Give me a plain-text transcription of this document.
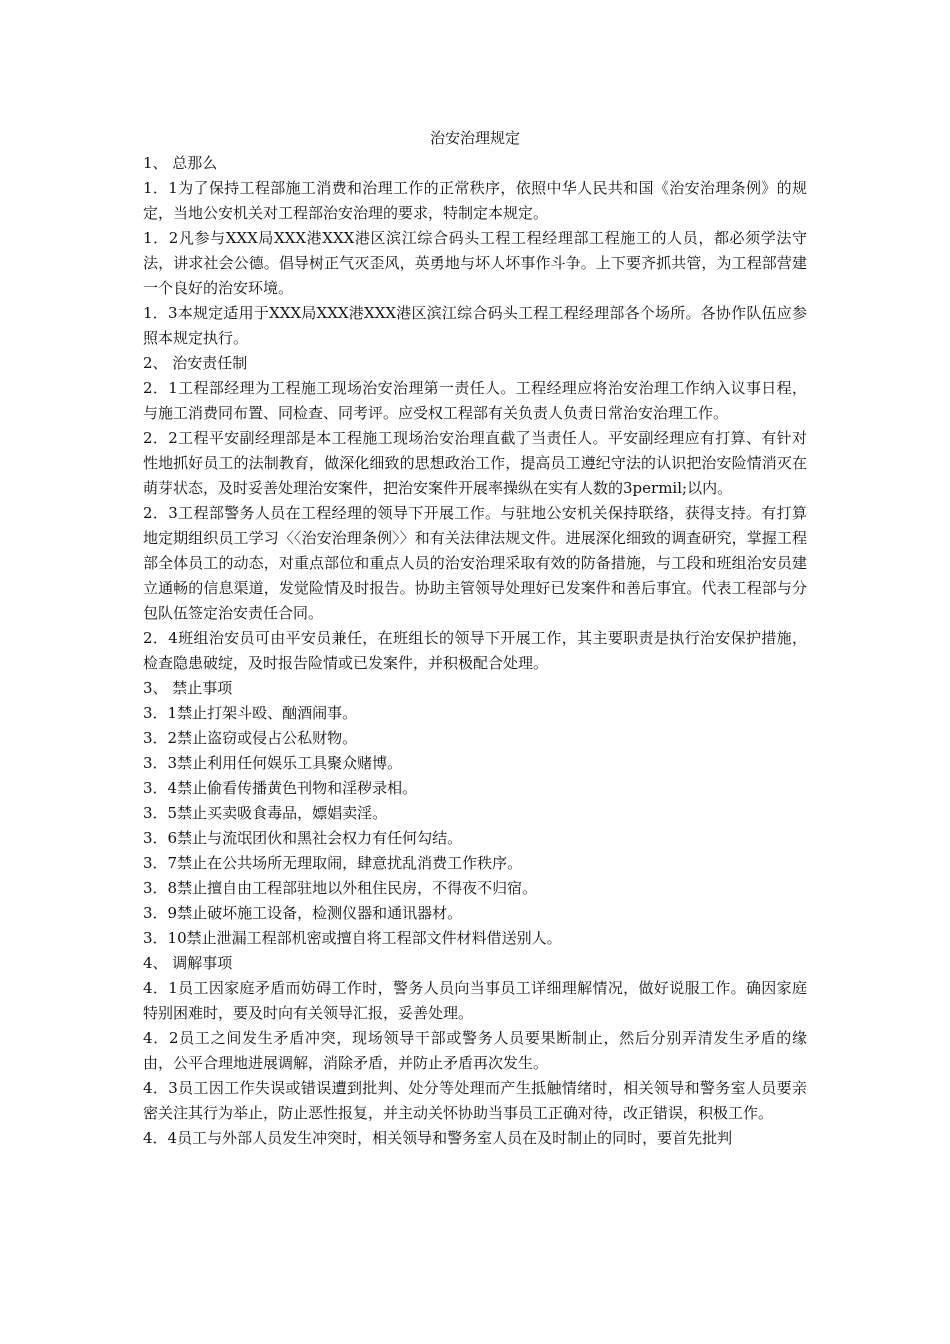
治安治理规定

1、 总那么

1．1为了保持工程部施工消费和治理工作的正常秩序，依照中华人民共和国《治安治理条例》的规定，当地公安机关对工程部治安治理的要求，特制定本规定。

1．2凡参与XXX局XXX港XXX港区滨江综合码头工程工程经理部工程施工的人员，都必须学法守法，讲求社会公德。倡导树正气灭歪风，英勇地与坏人坏事作斗争。上下要齐抓共管，为工程部营建一个良好的治安环境。

1．3本规定适用于XXX局XXX港XXX港区滨江综合码头工程工程经理部各个场所。各协作队伍应参照本规定执行。

2、 治安责任制

2．1工程部经理为工程施工现场治安治理第一责任人。工程经理应将治安治理工作纳入议事日程，与施工消费同布置、同检查、同考评。应受权工程部有关负责人负责日常治安治理工作。

2．2工程平安副经理部是本工程施工现场治安治理直截了当责任人。平安副经理应有打算、有针对性地抓好员工的法制教育，做深化细致的思想政治工作，提高员工遵纪守法的认识把治安险情消灭在萌芽状态，及时妥善处理治安案件，把治安案件开展率操纵在实有人数的3permil;以内。

2．3工程部警务人员在工程经理的领导下开展工作。与驻地公安机关保持联络，获得支持。有打算地定期组织员工学习〈〈治安治理条例〉〉和有关法律法规文件。进展深化细致的调查研究，掌握工程部全体员工的动态，对重点部位和重点人员的治安治理采取有效的防备措施，与工段和班组治安员建立通畅的信息渠道，发觉险情及时报告。协助主管领导处理好已发案件和善后事宜。代表工程部与分包队伍签定治安责任合同。

2．4班组治安员可由平安员兼任，在班组长的领导下开展工作，其主要职责是执行治安保护措施，检查隐患破绽，及时报告险情或已发案件，并积极配合处理。

3、 禁止事项

3．1禁止打架斗殴、酗酒闹事。

3．2禁止盗窃或侵占公私财物。

3．3禁止利用任何娱乐工具聚众赌博。

3．4禁止偷看传播黄色刊物和淫秽录相。

3．5禁止买卖吸食毒品，嫖娼卖淫。

3．6禁止与流氓团伙和黑社会权力有任何勾结。

3．7禁止在公共场所无理取闹，肆意扰乱消费工作秩序。

3．8禁止擅自由工程部驻地以外租住民房，不得夜不归宿。

3．9禁止破坏施工设备，检测仪器和通讯器材。

3．10禁止泄漏工程部机密或擅自将工程部文件材料借送别人。

4、 调解事项

4．1员工因家庭矛盾而妨碍工作时，警务人员向当事员工详细理解情况，做好说服工作。确因家庭特别困难时，要及时向有关领导汇报，妥善处理。

4．2员工之间发生矛盾冲突，现场领导干部或警务人员要果断制止，然后分别弄清发生矛盾的缘由，公平合理地进展调解，消除矛盾，并防止矛盾再次发生。

4．3员工因工作失误或错误遭到批判、处分等处理而产生抵触情绪时，相关领导和警务室人员要亲密关注其行为举止，防止恶性报复，并主动关怀协助当事员工正确对待，改正错误，积极工作。

4．4员工与外部人员发生冲突时，相关领导和警务室人员在及时制止的同时，要首先批判
